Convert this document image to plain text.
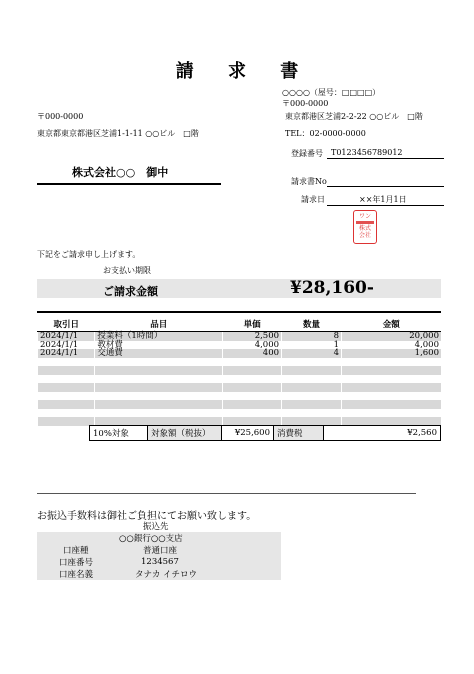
請 求 書
○○○○（屋号：□□□□）
〒000-0000
東京都港区芝浦2-2-22 ○○ビル　□階
TEL：02-0000-0000
登録番号 T0123456789012
〒000-0000
東京都東京都港区芝浦1-1-11 ○○ビル　□階
株式会社○○　御中
請求書No
請求日	××年1月1日
ワン
株式
会社
下記をご請求申し上げます。
お支払い期限
ご請求金額	¥28,160-
取引日	品目	単価	数量	金額
2024/1/1	授業料（1時間）	2,500	8	20,000
2024/1/1	教材費	4,000	1	4,000
2024/1/1	交通費	400	4	1,600

10%対象	対象額（税抜）	¥25,600 消費税	¥2,560
お振込手数料は御社ご負担にてお願い致します。
振込先
○○銀行○○支店
口座種	普通口座
口座番号	1234567
口座名義	タナカ イチロウ
